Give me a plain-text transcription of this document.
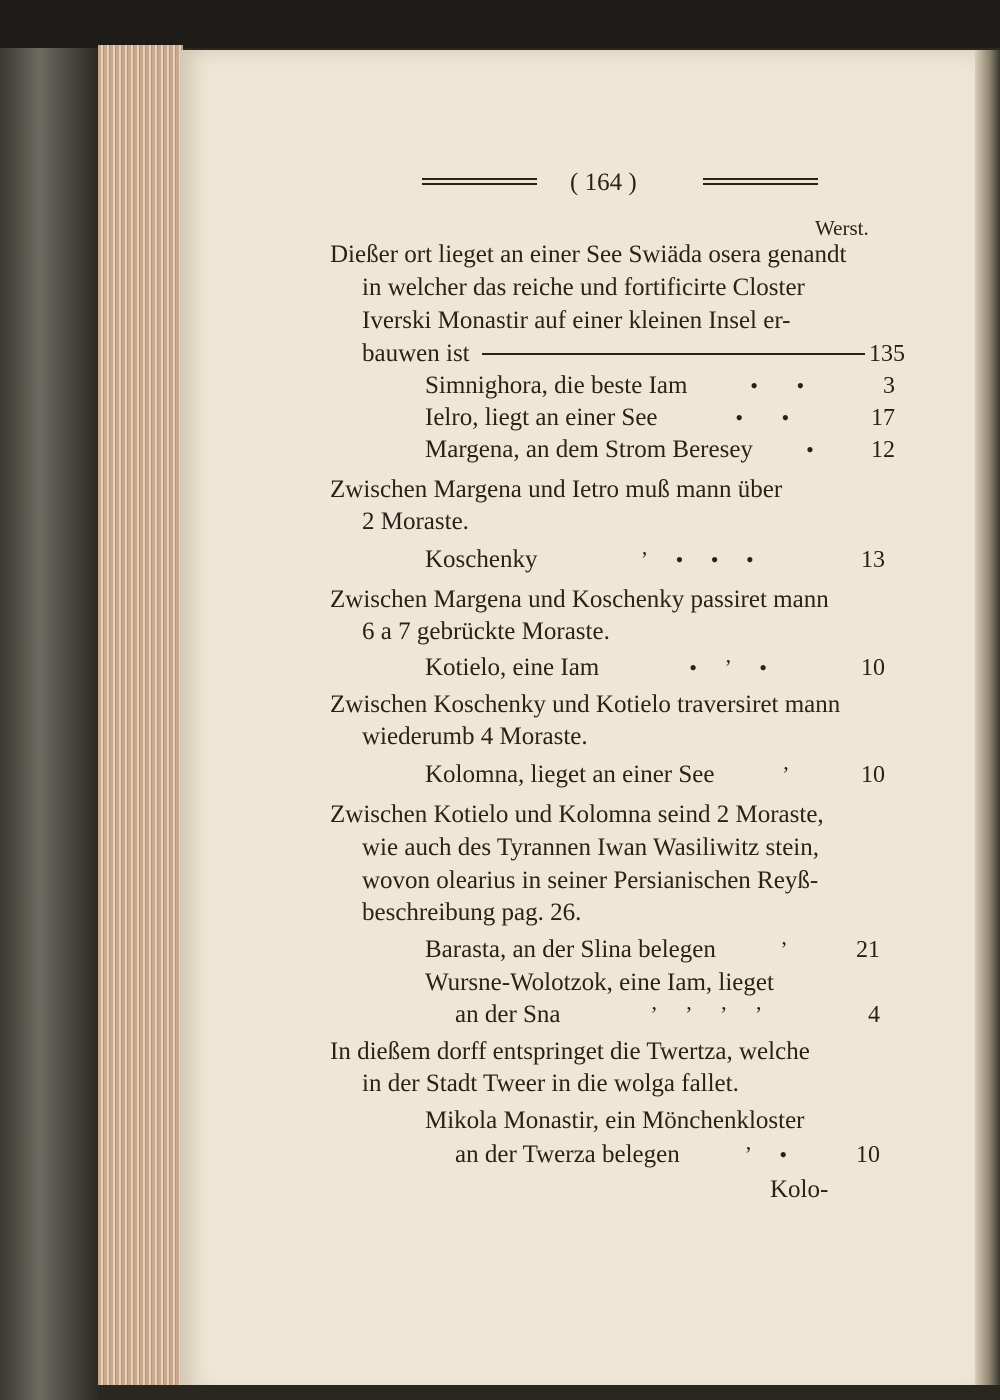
( 164 )
Werst.
Dießer ort lieget an einer See Swiäda osera genandt
in welcher das reiche und fortificirte Closter
Iverski Monastir auf einer kleinen Insel er-
bauwen ist	135
Simnighora, die beste Iam	•       •	3
Ielro, liegt an einer See	•       •	17
Margena, an dem Strom Beresey	•	12
Zwischen Margena und Ietro muß mann über
2 Moraste.
Koschenky	ʼ     •     •     •	13
Zwischen Margena und Koschenky passiret mann
6 a 7 gebrückte Moraste.
Kotielo, eine Iam	•     ʼ     •	10
Zwischen Koschenky und Kotielo traversiret mann
wiederumb 4 Moraste.
Kolomna, lieget an einer See	ʼ	10
Zwischen Kotielo und Kolomna seind 2 Moraste,
wie auch des Tyrannen Iwan Wasiliwitz stein,
wovon olearius in seiner Persianischen Reyß-
beschreibung pag. 26.
Barasta, an der Slina belegen	ʼ	21
Wursne-Wolotzok, eine Iam, lieget
an der Sna	ʼ     ʼ     ʼ     ʼ	4
In dießem dorff entspringet die Twertza, welche
in der Stadt Tweer in die wolga fallet.
Mikola Monastir, ein Mönchenkloster
an der Twerza belegen	ʼ     •	10
Kolo-
